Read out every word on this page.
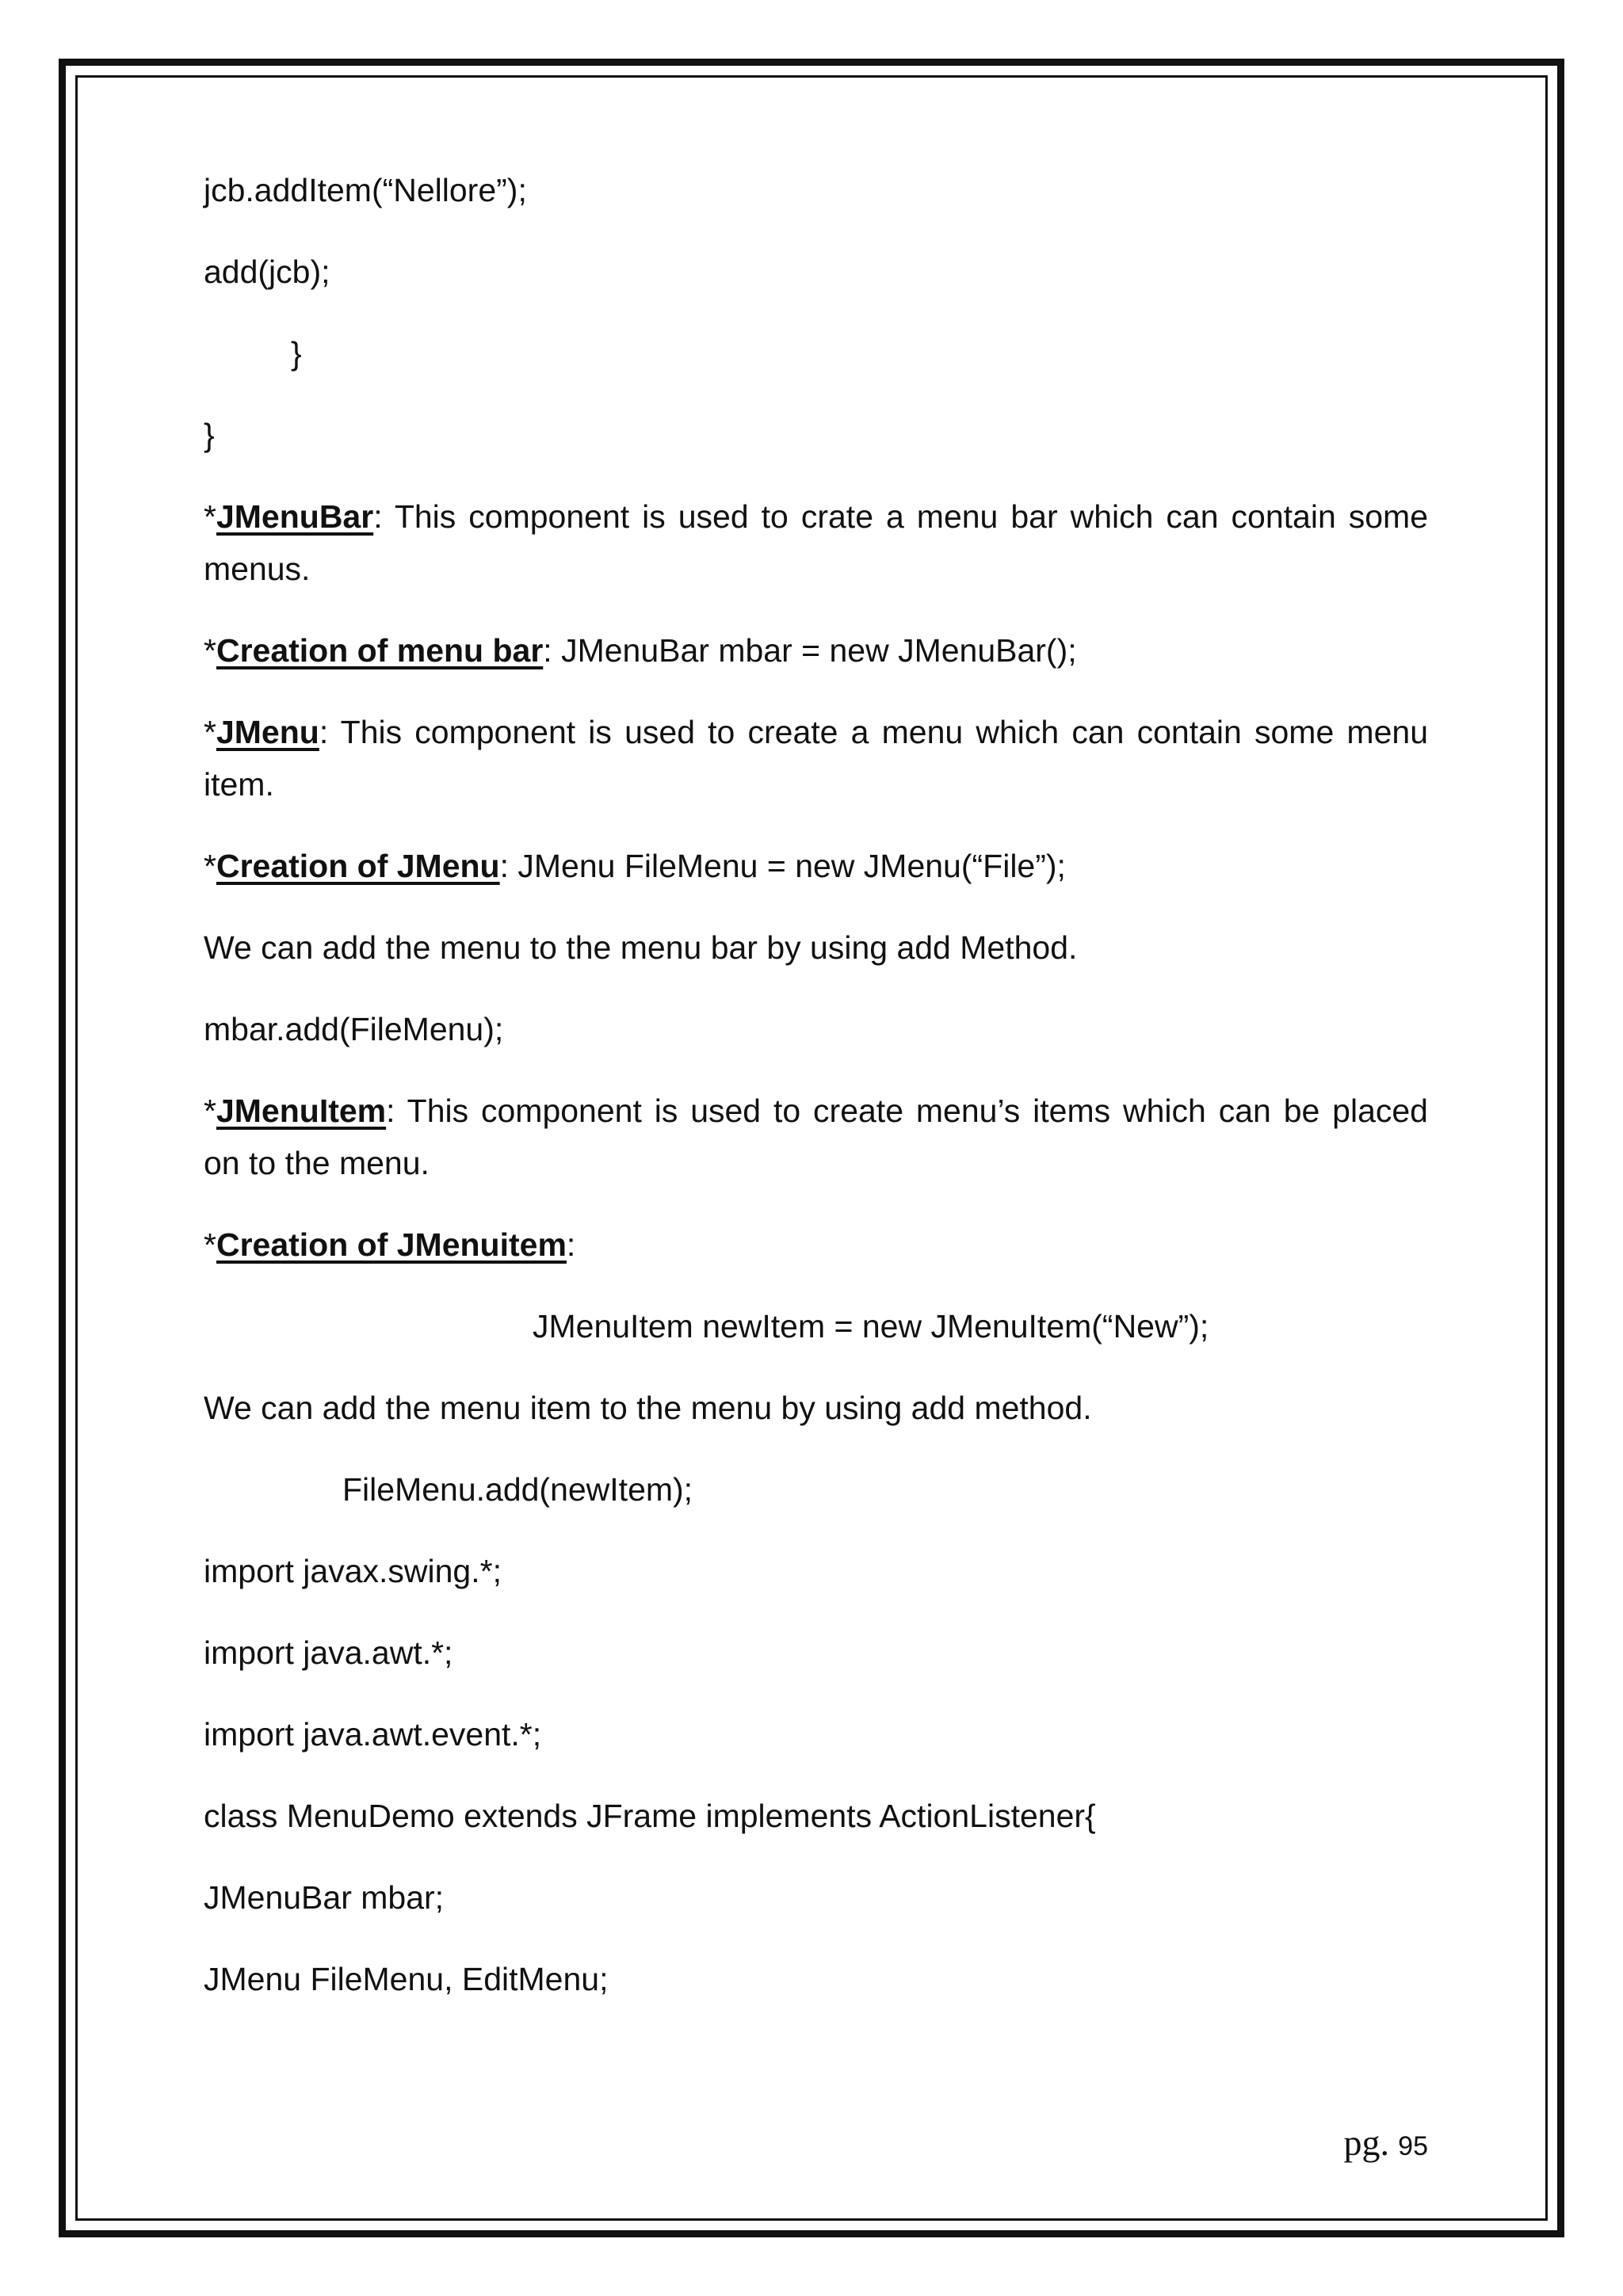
jcb.addItem(“Nellore”);
add(jcb);
}
}
*JMenuBar: This component is used to crate a menu bar which can contain some menus.
*Creation of menu bar: JMenuBar mbar = new JMenuBar();
*JMenu: This component is used to create a menu which can contain some menu item.
*Creation of JMenu: JMenu FileMenu = new JMenu(“File”);
We can add the menu to the menu bar by using add Method.
mbar.add(FileMenu);
*JMenuItem: This component is used to create menu’s items which can be placed on to the menu.
*Creation of JMenuitem:
JMenuItem newItem = new JMenuItem(“New”);
We can add the menu item to the menu by using add method.
FileMenu.add(newItem);
import javax.swing.*;
import java.awt.*;
import java.awt.event.*;
class MenuDemo extends JFrame implements ActionListener{
JMenuBar mbar;
JMenu FileMenu, EditMenu;
pg. 95
